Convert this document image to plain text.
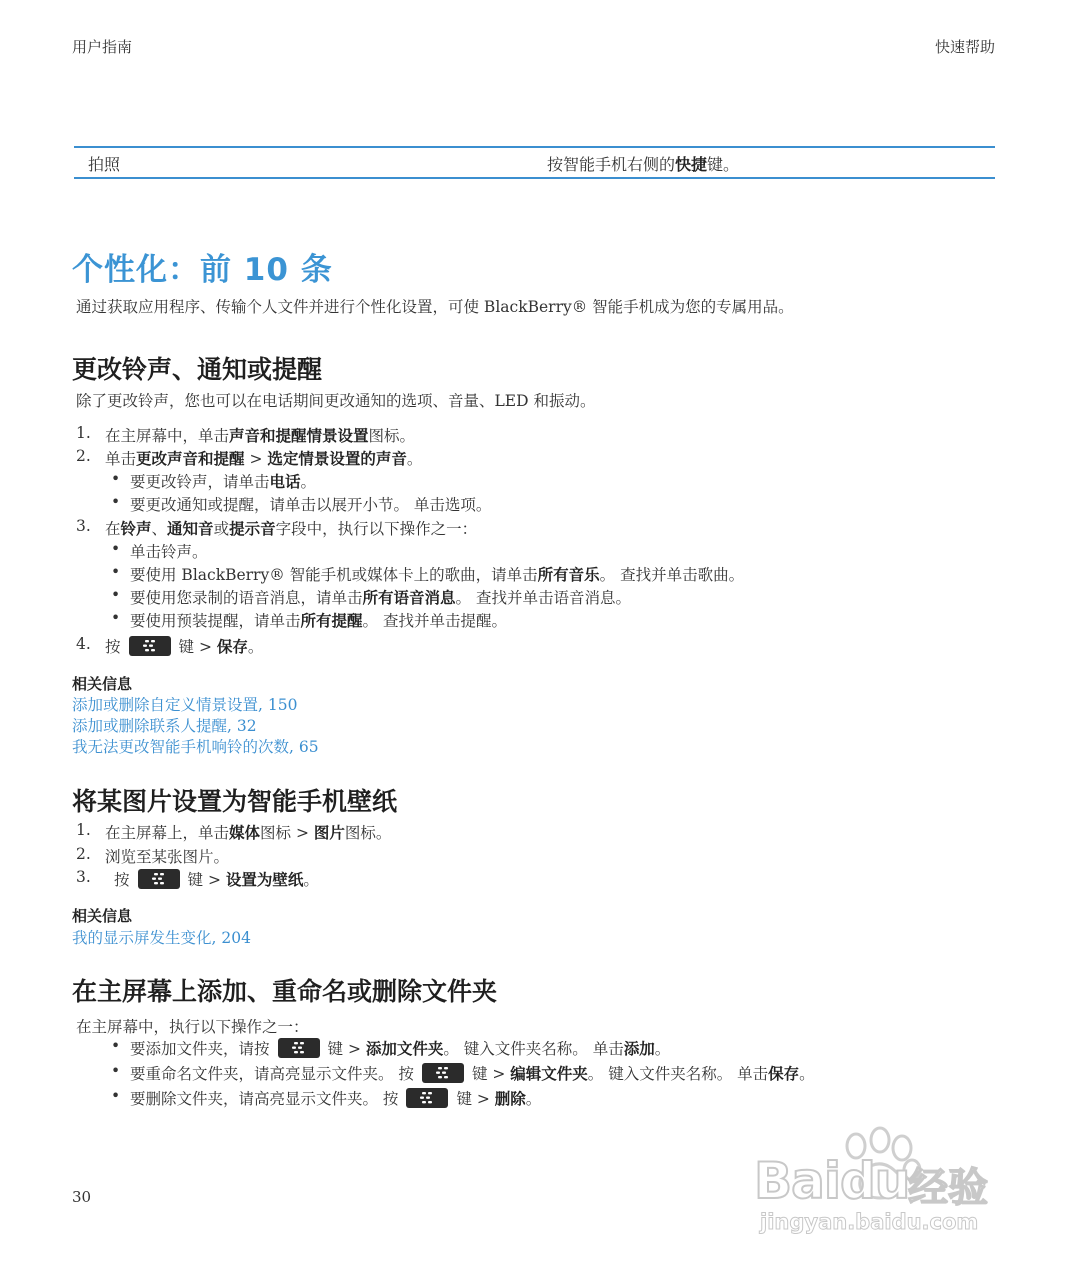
用户指南	快速帮助
拍照	按智能手机右侧的快捷键。
个性化：前 10 条
通过获取应用程序、传输个人文件并进行个性化设置，可使 BlackBerry® 智能手机成为您的专属用品。
更改铃声、通知或提醒
除了更改铃声，您也可以在电话期间更改通知的选项、音量、LED 和振动。
1. 在主屏幕中，单击声音和提醒情景设置图标。
2. 单击更改声音和提醒 > 选定情景设置的声音。
• 要更改铃声，请单击电话。
• 要更改通知或提醒，请单击以展开小节。 单击选项。
3. 在铃声、通知音或提示音字段中，执行以下操作之一：
• 单击铃声。
• 要使用 BlackBerry® 智能手机或媒体卡上的歌曲，请单击所有音乐。 查找并单击歌曲。
• 要使用您录制的语音消息，请单击所有语音消息。 查找并单击语音消息。
• 要使用预装提醒，请单击所有提醒。 查找并单击提醒。
4. 按	键 > 保存。
相关信息
添加或删除自定义情景设置, 150
添加或删除联系人提醒, 32
我无法更改智能手机响铃的次数, 65
将某图片设置为智能手机壁纸
1. 在主屏幕上，单击媒体图标 > 图片图标。
2. 浏览至某张图片。
3. 按	键 > 设置为壁纸。
相关信息
我的显示屏发生变化, 204
在主屏幕上添加、重命名或删除文件夹
在主屏幕中，执行以下操作之一：
• 要添加文件夹，请按	键 > 添加文件夹。 键入文件夹名称。 单击添加。
• 要重命名文件夹，请高亮显示文件夹。 按	键 > 编辑文件夹。 键入文件夹名称。 单击保存。
• 要删除文件夹，请高亮显示文件夹。 按	键 > 删除。
30	Baidu
经验
jingyan.baidu.com
